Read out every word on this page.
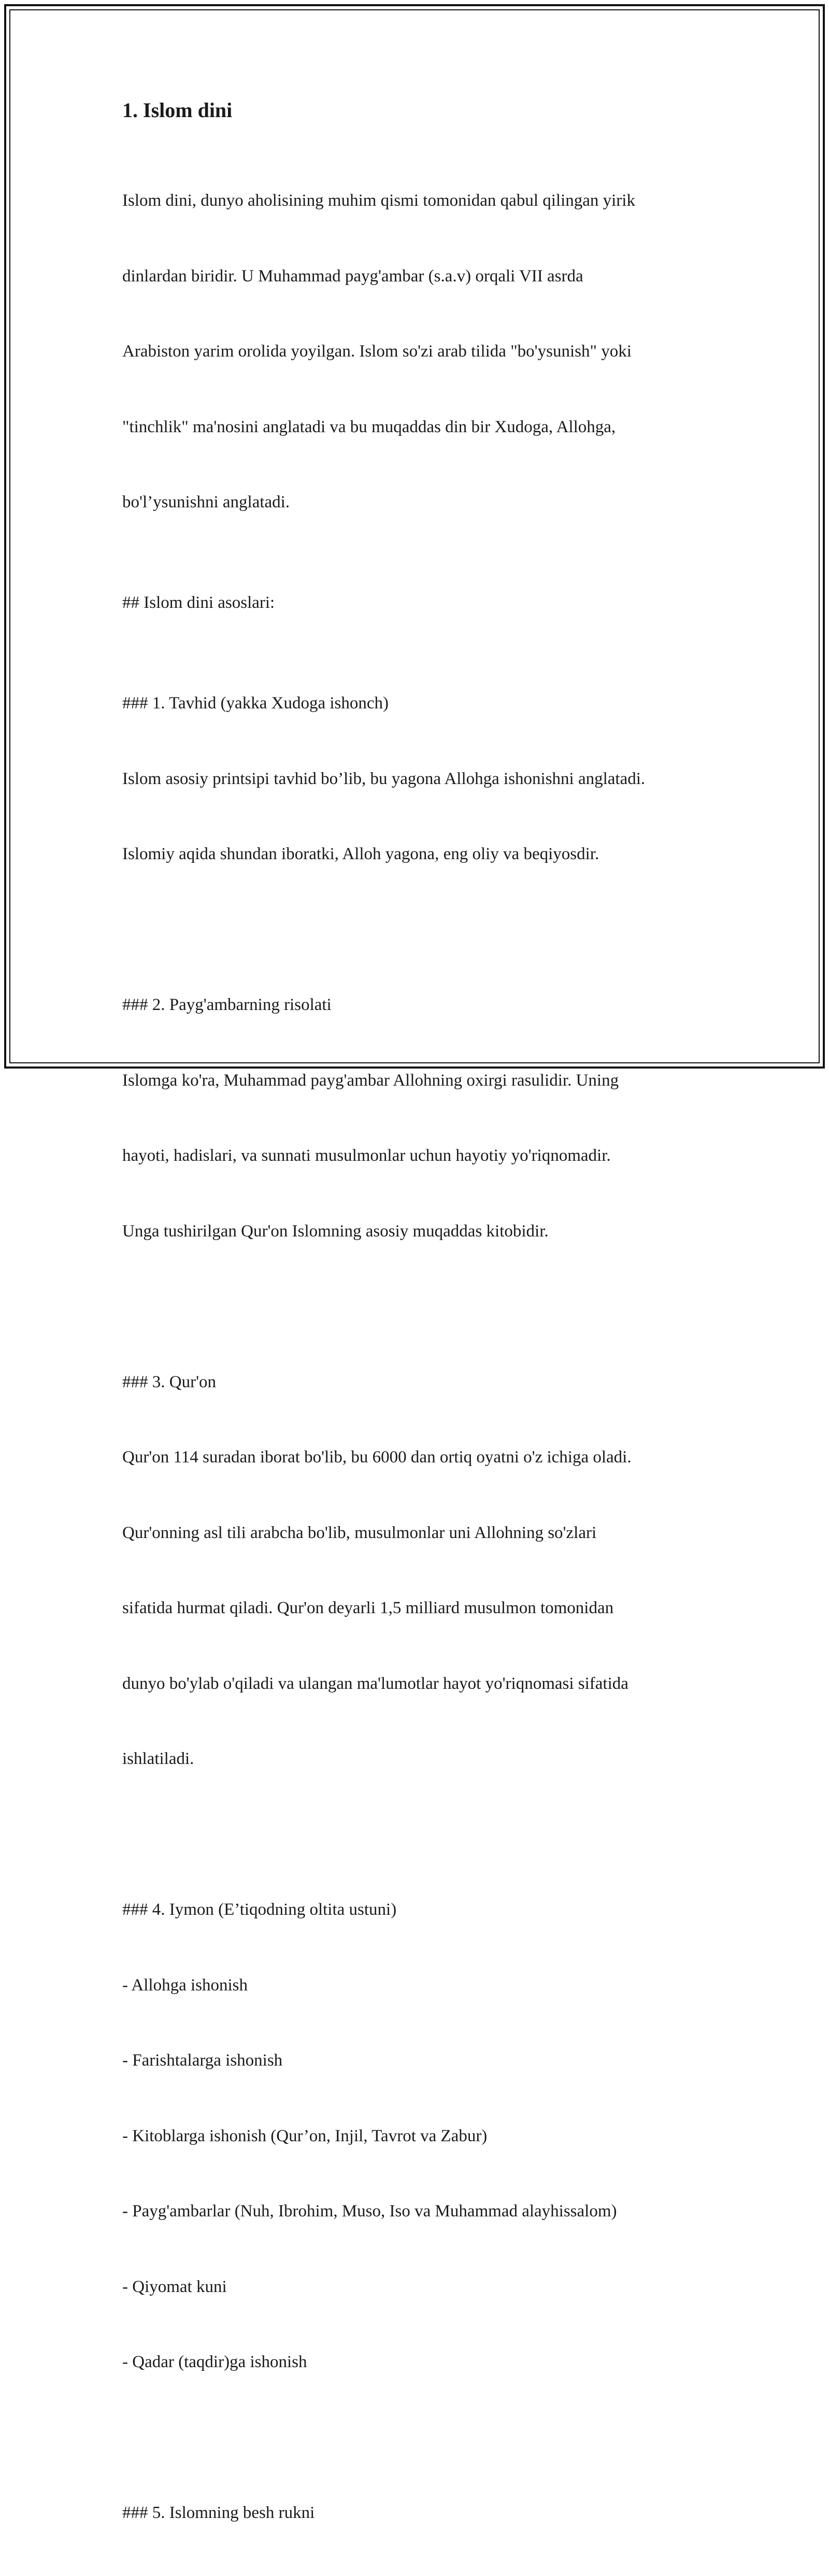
1. Islom dini

Islom dini, dunyo aholisining muhim qismi tomonidan qabul qilingan yirik

dinlardan biridir. U Muhammad payg'ambar (s.a.v) orqali VII asrda

Arabiston yarim orolida yoyilgan. Islom so'zi arab tilida "bo'ysunish" yoki

"tinchlik" ma'nosini anglatadi va bu muqaddas din bir Xudoga, Allohga,

bo'l’ysunishni anglatadi.

## Islom dini asoslari:

### 1. Tavhid (yakka Xudoga ishonch)

Islom asosiy printsipi tavhid bo’lib, bu yagona Allohga ishonishni anglatadi.

Islomiy aqida shundan iboratki, Alloh yagona, eng oliy va beqiyosdir.

### 2. Payg'ambarning risolati

Islomga ko'ra, Muhammad payg'ambar Allohning oxirgi rasulidir. Uning

hayoti, hadislari, va sunnati musulmonlar uchun hayotiy yo'riqnomadir.

Unga tushirilgan Qur'on Islomning asosiy muqaddas kitobidir.

### 3. Qur'on

Qur'on 114 suradan iborat bo'lib, bu 6000 dan ortiq oyatni o'z ichiga oladi.

Qur'onning asl tili arabcha bo'lib, musulmonlar uni Allohning so'zlari

sifatida hurmat qiladi. Qur'on deyarli 1,5 milliard musulmon tomonidan

dunyo bo'ylab o'qiladi va ulangan ma'lumotlar hayot yo'riqnomasi sifatida

ishlatiladi.

### 4. Iymon (E’tiqodning oltita ustuni)

- Allohga ishonish

- Farishtalarga ishonish

- Kitoblarga ishonish (Qur’on, Injil, Tavrot va Zabur)

- Payg'ambarlar (Nuh, Ibrohim, Muso, Iso va Muhammad alayhissalom)

- Qiyomat kuni

- Qadar (taqdir)ga ishonish

### 5. Islomning besh rukni
